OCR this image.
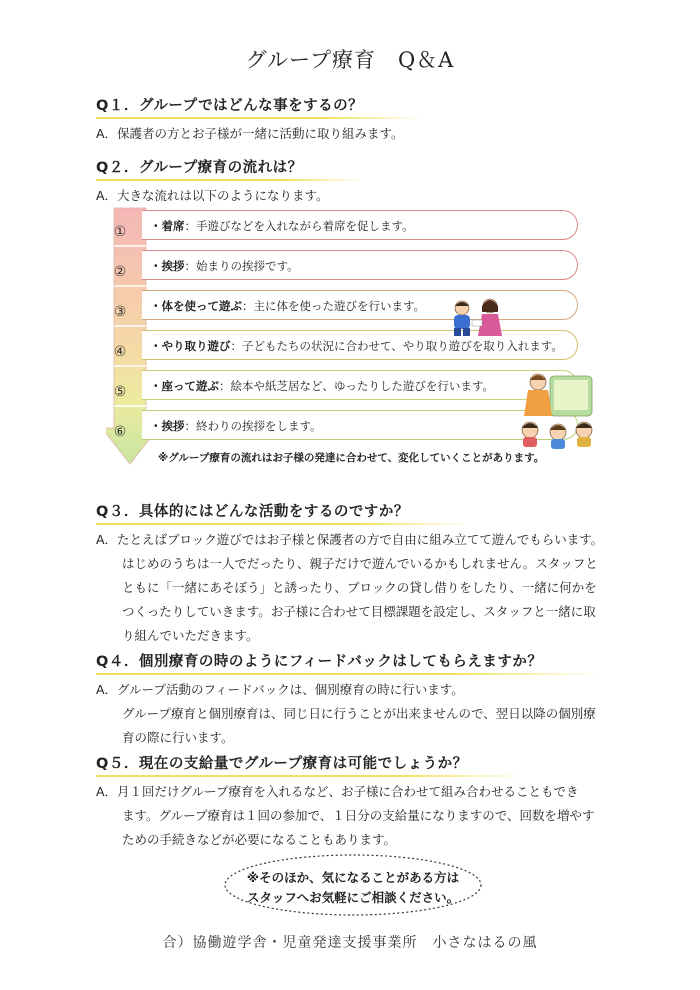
グループ療育　Q＆A
Q１．グループではどんな事をするの？
A．保護者の方とお子様が一緒に活動に取り組みます。
Q２．グループ療育の流れは？
A．大きな流れは以下のようになります。
①
②
③
④
⑤
⑥
・着席：手遊びなどを入れながら着席を促します。
・挨拶：始まりの挨拶です。
・体を使って遊ぶ：主に体を使った遊びを行います。
・やり取り遊び：子どもたちの状況に合わせて、やり取り遊びを取り入れます。
・座って遊ぶ：絵本や紙芝居など、ゆったりした遊びを行います。
・挨拶：終わりの挨拶をします。
※グループ療育の流れはお子様の発達に合わせて、変化していくことがあります。
Q３．具体的にはどんな活動をするのですか？
A．たとえばブロック遊びではお子様と保護者の方で自由に組み立てて遊んでもらいます。
はじめのうちは一人でだったり、親子だけで遊んでいるかもしれません。スタッフと
ともに「一緒にあそぼう」と誘ったり、ブロックの貸し借りをしたり、一緒に何かを
つくったりしていきます。お子様に合わせて目標課題を設定し、スタッフと一緒に取
り組んでいただきます。
Q４．個別療育の時のようにフィードバックはしてもらえますか？
A．グループ活動のフィードバックは、個別療育の時に行います。
グループ療育と個別療育は、同じ日に行うことが出来ませんので、翌日以降の個別療
育の際に行います。
Q５．現在の支給量でグループ療育は可能でしょうか？
A．月１回だけグループ療育を入れるなど、お子様に合わせて組み合わせることもでき
ます。グループ療育は１回の参加で、１日分の支給量になりますので、回数を増やす
ための手続きなどが必要になることもあります。
※そのほか、気になることがある方は
スタッフへお気軽にご相談ください。
合）協働遊学舎・児童発達支援事業所　小さなはるの風
